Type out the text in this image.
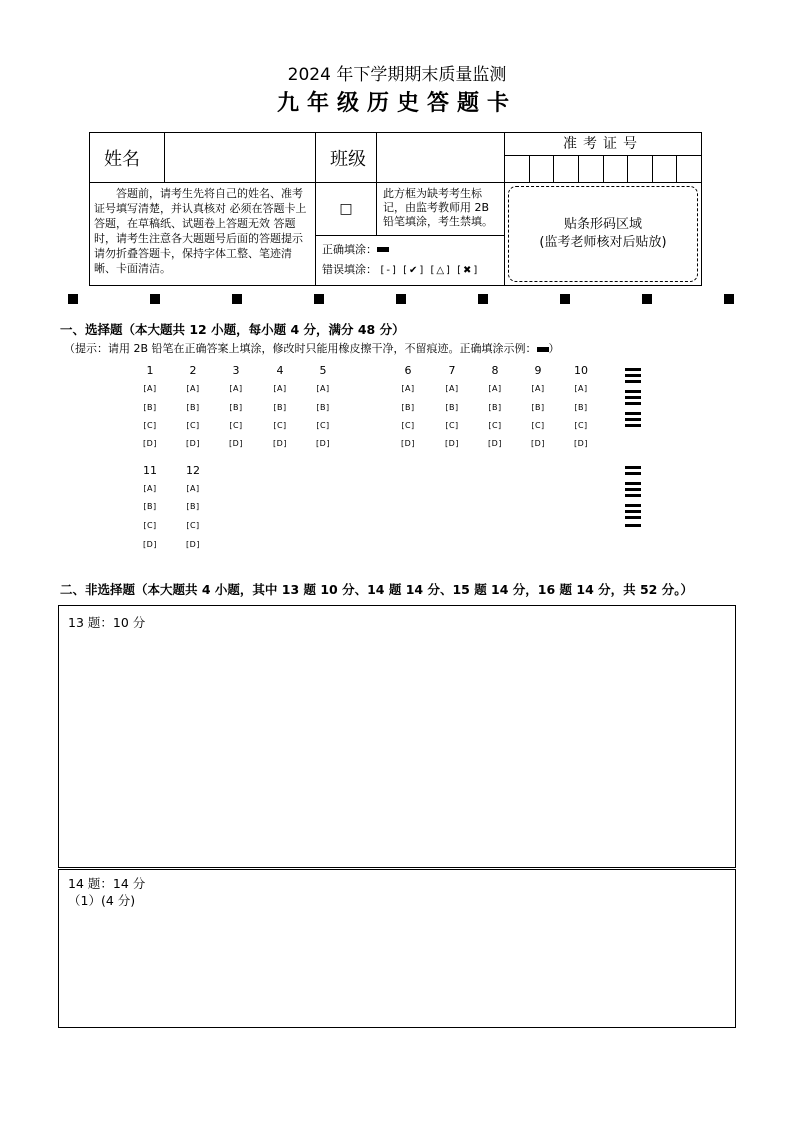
2024 年下学期期末质量监测
九年级历史答题卡
姓名		班级		准考证号

答题前，请考生先将自己的姓名、准考证号填写清楚，并认真核对 必须在答题卡上答题，在草稿纸、试题卷上答题无效 答题时，请考生注意各大题题号后面的答题提示 请勿折叠答题卡，保持字体工整、笔迹清晰、卡面清洁。		□	此方框为缺考考生标记，由监考教师用 2B 铅笔填涂，考生禁填。	贴条形码区域
(监考老师核对后贴放)

		正确填涂：
错误填涂： [-] [✔] [△] [✖]		
一、选择题（本大题共 12 小题，每小题 4 分，满分 48 分）
（提示：请用 2B 铅笔在正确答案上填涂，修改时只能用橡皮擦干净，不留痕迹。正确填涂示例： ）
1	2	3	4	5	6	7	8	9	10
[A]	[A]	[A]	[A]	[A]	[A]	[A]	[A]	[A]	[A]
[B]	[B]	[B]	[B]	[B]	[B]	[B]	[B]	[B]	[B]
[C]	[C]	[C]	[C]	[C]	[C]	[C]	[C]	[C]	[C]
[D]	[D]	[D]	[D]	[D]	[D]	[D]	[D]	[D]	[D]
11	12
[A]	[A]
[B]	[B]
[C]	[C]
[D]	[D]
二、非选择题（本大题共 4 小题，其中 13 题 10 分、14 题 14 分、15 题 14 分，16 题 14 分，共 52 分。）
13 题：10 分
14 题：14 分
（1）(4 分)
